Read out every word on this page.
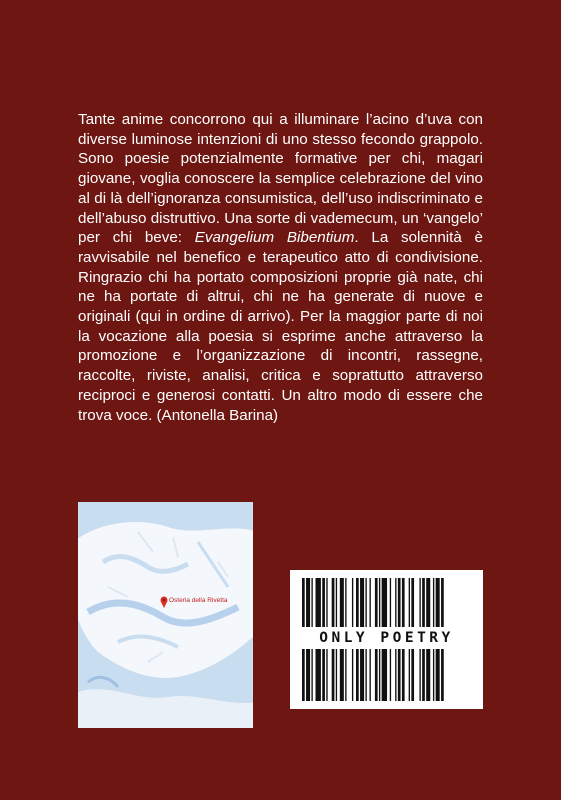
Tante anime concorrono qui a illuminare l’acino d’uva con diverse luminose intenzioni di uno stesso fecondo grappolo. Sono poesie potenzialmente formative per chi, magari giovane, voglia conoscere la semplice celebrazione del vino al di là dell’ignoranza consumistica, dell’uso indiscriminato e dell’abuso distruttivo. Una sorte di vademecum, un ‘vangelo’ per chi beve: Evangelium Bibentium. La solennità è ravvisabile nel benefico e terapeutico atto di condivisione. Ringrazio chi ha portato composizioni proprie già nate, chi ne ha portate di altrui, chi ne ha generate di nuove e originali (qui in ordine di arrivo). Per la maggior parte di noi la vocazione alla poesia si esprime anche attraverso la promozione e l’organizzazione di incontri, rassegne, raccolte, riviste, analisi, critica e soprattutto attraverso reciproci e generosi contatti. Un altro modo di essere che trova voce. (Antonella Barina)

Osteria della Rivetta
ONLY POETRY
